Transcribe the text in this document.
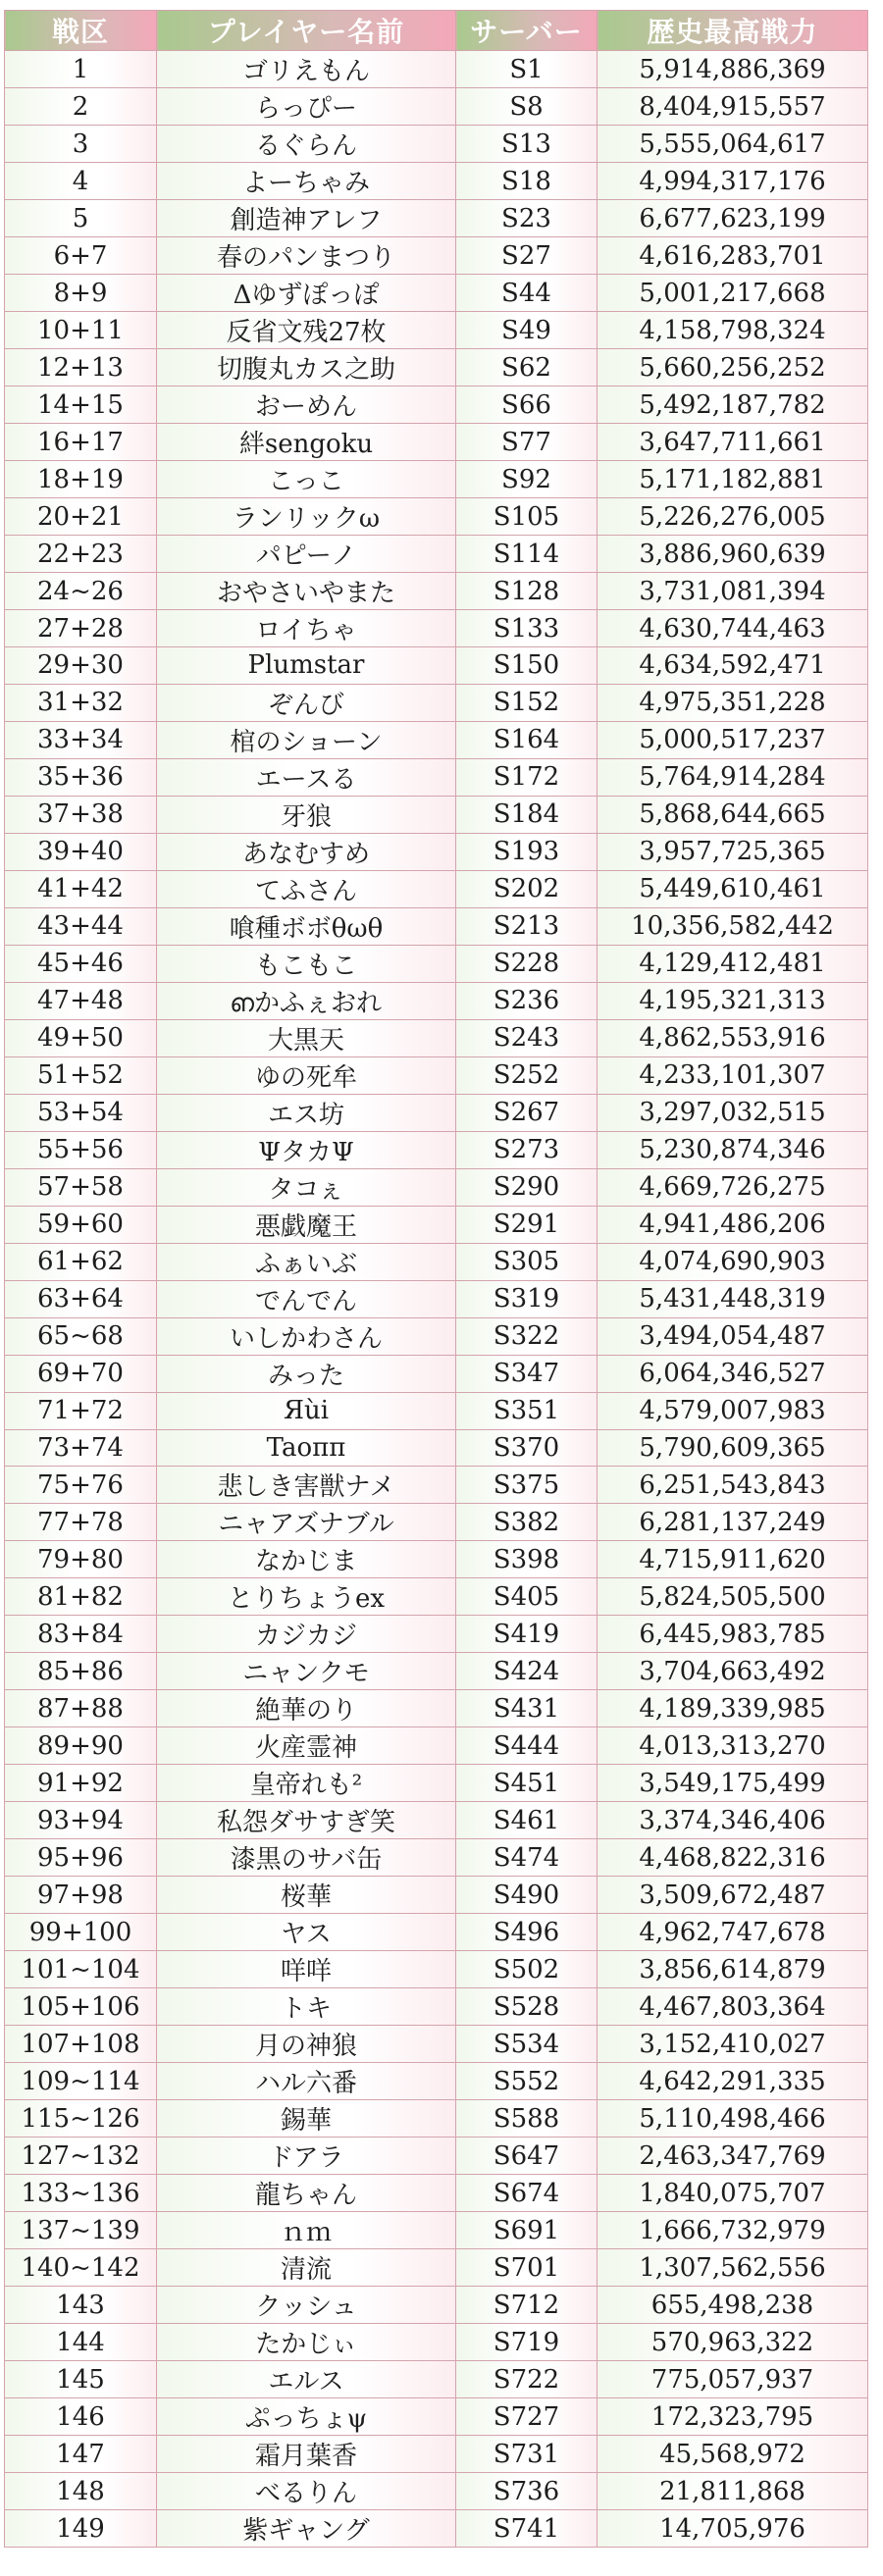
戦区	プレイヤー名前	サーバー	歴史最高戦力
1	ゴリえもん	S1	5,914,886,369
2	らっぴー	S8	8,404,915,557
3	るぐらん	S13	5,555,064,617
4	よーちゃみ	S18	4,994,317,176
5	創造神アレフ	S23	6,677,623,199
6+7	春のパンまつり	S27	4,616,283,701
8+9	Δゆずぽっぽ	S44	5,001,217,668
10+11	反省文残27枚	S49	4,158,798,324
12+13	切腹丸カス之助	S62	5,660,256,252
14+15	おーめん	S66	5,492,187,782
16+17	絆sengoku	S77	3,647,711,661
18+19	こっこ	S92	5,171,182,881
20+21	ランリックω	S105	5,226,276,005
22+23	パピーノ	S114	3,886,960,639
24~26	おやさいやまた	S128	3,731,081,394
27+28	ロイちゃ	S133	4,630,744,463
29+30	Plumstar	S150	4,634,592,471
31+32	ぞんび	S152	4,975,351,228
33+34	棺のショーン	S164	5,000,517,237
35+36	エースる	S172	5,764,914,284
37+38	牙狼	S184	5,868,644,665
39+40	あなむすめ	S193	3,957,725,365
41+42	てふさん	S202	5,449,610,461
43+44	喰種ボボθωθ	S213	10,356,582,442
45+46	もこもこ	S228	4,129,412,481
47+48	ഩかふぇおれ	S236	4,195,321,313
49+50	大黒天	S243	4,862,553,916
51+52	ゆの死牟	S252	4,233,101,307
53+54	エス坊	S267	3,297,032,515
55+56	ΨタカΨ	S273	5,230,874,346
57+58	タコぇ	S290	4,669,726,275
59+60	悪戯魔王	S291	4,941,486,206
61+62	ふぁいぶ	S305	4,074,690,903
63+64	でんでん	S319	5,431,448,319
65~68	いしかわさん	S322	3,494,054,487
69+70	みった	S347	6,064,346,527
71+72	Яùi	S351	4,579,007,983
73+74	Taoππ	S370	5,790,609,365
75+76	悲しき害獣ナメ	S375	6,251,543,843
77+78	ニャアズナブル	S382	6,281,137,249
79+80	なかじま	S398	4,715,911,620
81+82	とりちょうex	S405	5,824,505,500
83+84	カジカジ	S419	6,445,983,785
85+86	ニャンクモ	S424	3,704,663,492
87+88	絶華のり	S431	4,189,339,985
89+90	火産霊神	S444	4,013,313,270
91+92	皇帝れも²	S451	3,549,175,499
93+94	私怨ダサすぎ笑	S461	3,374,346,406
95+96	漆黒のサバ缶	S474	4,468,822,316
97+98	桜華	S490	3,509,672,487
99+100	ヤス	S496	4,962,747,678
101~104	咩咩	S502	3,856,614,879
105+106	トキ	S528	4,467,803,364
107+108	月の神狼	S534	3,152,410,027
109~114	ハル六番	S552	4,642,291,335
115~126	錫華	S588	5,110,498,466
127~132	ドアラ	S647	2,463,347,769
133~136	龍ちゃん	S674	1,840,075,707
137~139	ｎｍ	S691	1,666,732,979
140~142	清流	S701	1,307,562,556
143	クッシュ	S712	655,498,238
144	たかじぃ	S719	570,963,322
145	エルス	S722	775,057,937
146	ぷっちょψ	S727	172,323,795
147	霜月葉香	S731	45,568,972
148	べるりん	S736	21,811,868
149	紫ギャング	S741	14,705,976
